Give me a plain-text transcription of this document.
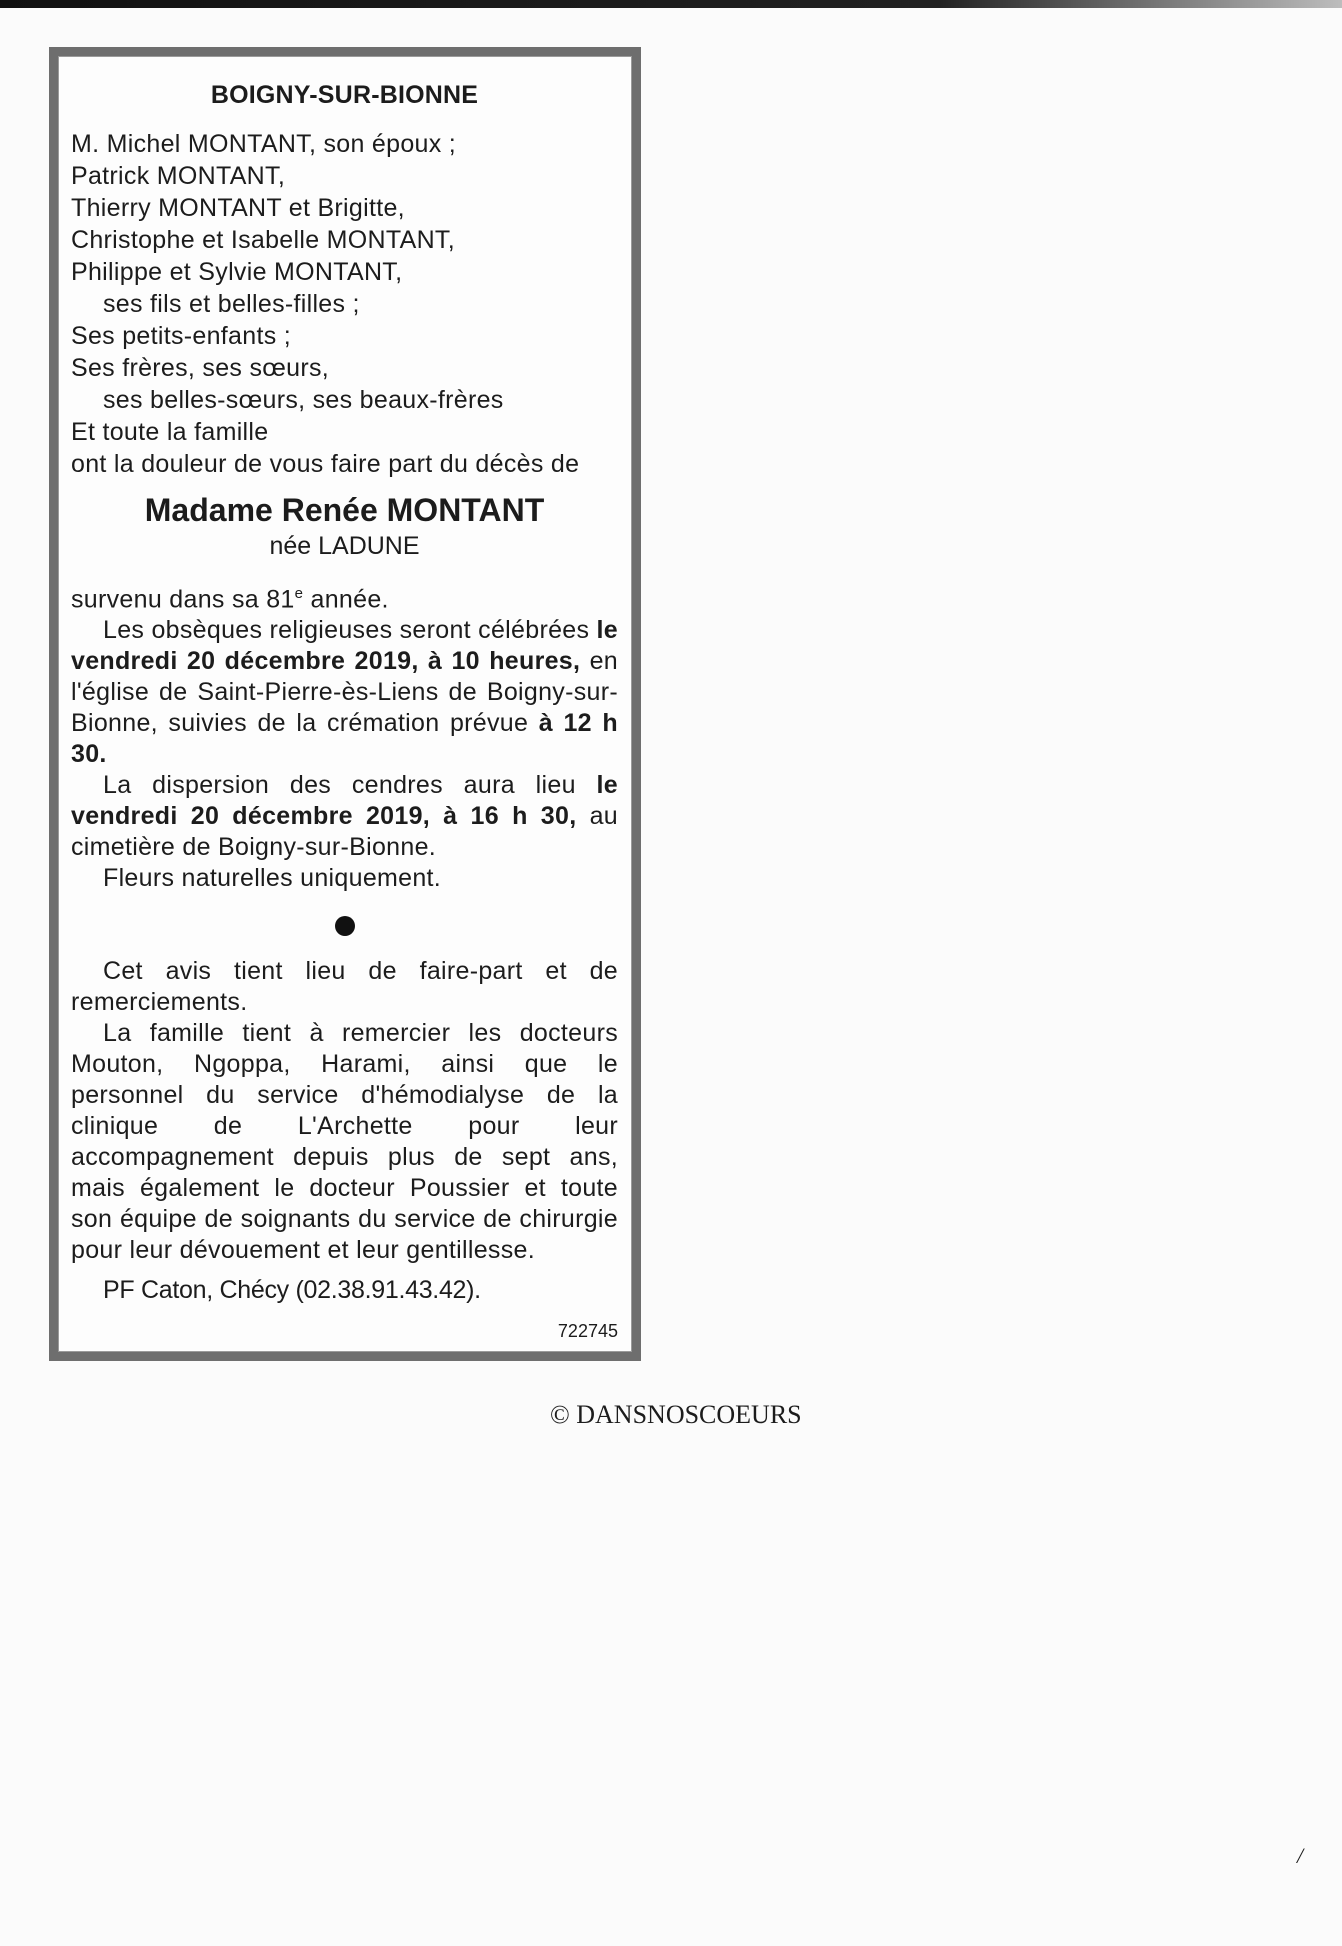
BOIGNY-SUR-BIONNE
M. Michel MONTANT, son époux ;
Patrick MONTANT,
Thierry MONTANT et Brigitte,
Christophe et Isabelle MONTANT,
Philippe et Sylvie MONTANT,
ses fils et belles-filles ;
Ses petits-enfants ;
Ses frères, ses sœurs,
ses belles-sœurs, ses beaux-frères
Et toute la famille
ont la douleur de vous faire part du décès de
Madame Renée MONTANT
née LADUNE

survenu dans sa 81e année.

Les obsèques religieuses seront célébrées le vendredi 20 décembre 2019, à 10 heures, en l'église de Saint-Pierre-ès-Liens de Boigny-sur-Bionne, suivies de la crémation prévue à 12 h 30.

La dispersion des cendres aura lieu le vendredi 20 décembre 2019, à 16 h 30, au cimetière de Boigny-sur-Bionne.

Fleurs naturelles uniquement.

Cet avis tient lieu de faire-part et de remerciements.

La famille tient à remercier les docteurs Mouton, Ngoppa, Harami, ainsi que le personnel du service d'hémodialyse de la clinique de L'Archette pour leur accompagnement depuis plus de sept ans, mais également le docteur Poussier et toute son équipe de soignants du service de chirurgie pour leur dévouement et leur gentillesse.

PF Caton, Chécy (02.38.91.43.42).
722745
© DANSNOSCOEURS
/
